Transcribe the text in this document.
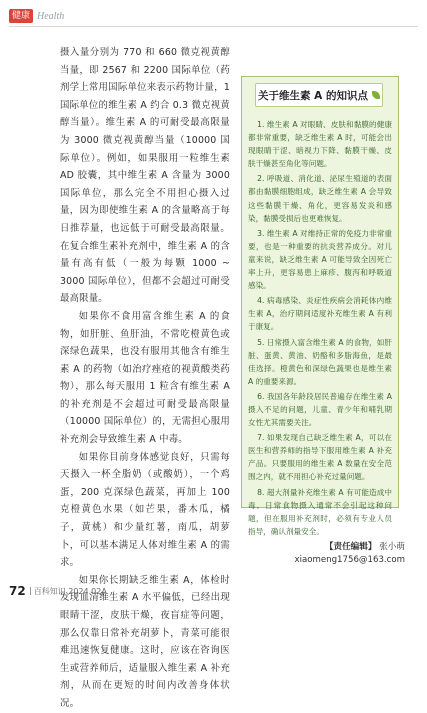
健康 Health

摄入量分别为 770 和 660 微克视黄醇当量，即 2567 和 2200 国际单位（药剂学上常用国际单位来表示药物计量，1 国际单位的维生素 A 约合 0.3 微克视黄醇当量）。维生素 A 的可耐受最高限量为 3000 微克视黄醇当量（10000 国际单位）。例如，如果服用一粒维生素 AD 胶囊，其中维生素 A 含量为 3000 国际单位，那么完全不用担心摄入过量，因为即使维生素 A 的含量略高于每日推荐量，也远低于可耐受最高限量。在复合维生素补充剂中，维生素 A 的含量有高有低（一般为每颗 1000 ~ 3000 国际单位），但都不会超过可耐受最高限量。

如果你不食用富含维生素 A 的食物，如肝脏、鱼肝油，不常吃橙黄色或深绿色蔬果，也没有服用其他含有维生素 A 的药物（如治疗痤疮的视黄酸类药物），那么每天服用 1 粒含有维生素 A 的补充剂是不会超过可耐受最高限量（10000 国际单位）的，无需担心服用补充剂会导致维生素 A 中毒。

如果你目前身体感觉良好，只需每天摄入一杯全脂奶（或酸奶），一个鸡蛋，200 克深绿色蔬菜，再加上 100 克橙黄色水果（如芒果，番木瓜，橘子，黄桃）和少量红薯，南瓜，胡萝卜，可以基本满足人体对维生素 A 的需求。

如果你长期缺乏维生素 A，体检时发现血清维生素 A 水平偏低，已经出现眼睛干涩，皮肤干燥，夜盲症等问题，那么仅靠日常补充胡萝卜，青菜可能很难迅速恢复健康。这时，应该在咨询医生或营养师后，适量服入维生素 A 补充剂，从而在更短的时间内改善身体状况。

关于维生素 A 的知识点

1. 维生素 A 对眼睛、皮肤和黏膜的健康都非常重要，缺乏维生素 A 时，可能会出现眼睛干涩、暗视力下降、黏膜干燥、皮肤干燥甚至角化等问题。

2. 呼吸道、消化道、泌尿生殖道的表面都由黏膜细胞组成，缺乏维生素 A 会导致这些黏膜干燥、角化，更容易发炎和感染，黏膜受损后也更难恢复。

3. 维生素 A 对维持正常的免疫力非常重要，也是一种重要的抗炎营养成分。对儿童来说，缺乏维生素 A 可能导致全因死亡率上升，更容易患上麻疹、腹泻和呼吸道感染。

4. 病毒感染、炎症性疾病会消耗体内维生素 A，治疗期间适度补充维生素 A 有利于康复。

5. 日常摄入富含维生素 A 的食物，如肝脏、蛋黄、黄油、奶酪和多脂海鱼，是最佳选择。橙黄色和深绿色蔬果也是维生素 A 的重要来源。

6. 我国各年龄段居民普遍存在维生素 A 摄入不足的问题，儿童、青少年和哺乳期女性尤其需要关注。

7. 如果发现自己缺乏维生素 A，可以在医生和营养师的指导下服用维生素 A 补充产品。只要服用的维生素 A 数量在安全范围之内，就不用担心补充过量问题。

8. 超大剂量补充维生素 A 有可能造成中毒。日常食物摄入通常不会引起这种问题，但在服用补充剂时，必须有专业人员指导，确认剂量安全。

【责任编辑】 张小萌
xiaomeng1756@163.com
72	百科知识 2024.02A
